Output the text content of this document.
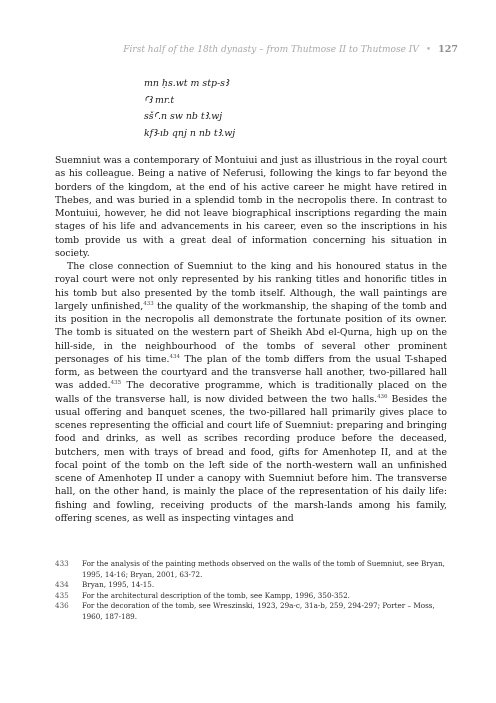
First half of the 18th dynasty – from Thutmose II to Thutmose IV • 127
mn ḥs.wt m stp-sꜢ
ꜤꜢ mr.t
sšꜤ.n sw nb tꜢ.wj
kfꜢ-ıb qnj n nb tꜢ.wj

Suemniut was a contemporary of Montuiui and just as illustrious in the royal court as his colleague. Being a native of Neferusi, following the kings to far beyond the borders of the kingdom, at the end of his active career he might have retired in Thebes, and was buried in a splendid tomb in the necropolis there. In contrast to Montuiui, however, he did not leave biographical inscriptions regarding the main stages of his life and advancements in his career, even so the inscriptions in his tomb provide us with a great deal of information concerning his situation in society.

The close connection of Suemniut to the king and his honoured status in the royal court were not only represented by his ranking titles and honorific titles in his tomb but also presented by the tomb itself. Although, the wall paintings are largely unfinished,$^{433}$ the quality of the workmanship, the shaping of the tomb and its position in the necropolis all demonstrate the fortunate position of its owner. The tomb is situated on the western part of Sheikh Abd el-Qurna, high up on the hill-side, in the neighbourhood of the tombs of several other prominent personages of his time.$^{434}$ The plan of the tomb differs from the usual T-shaped form, as between the courtyard and the transverse hall another, two-pillared hall was added.$^{435}$ The decorative programme, which is traditionally placed on the walls of the transverse hall, is now divided between the two halls.$^{436}$ Besides the usual offering and banquet scenes, the two-pillared hall primarily gives place to scenes representing the official and court life of Suemniut: preparing and bringing food and drinks, as well as scribes recording produce before the deceased, butchers, men with trays of bread and food, gifts for Amenhotep II, and at the focal point of the tomb on the left side of the north-western wall an unfinished scene of Amenhotep II under a canopy with Suemniut before him. The transverse hall, on the other hand, is mainly the place of the representation of his daily life: fishing and fowling, receiving products of the marsh-lands among his family, offering scenes, as well as inspecting vintages and

433	For the analysis of the painting methods observed on the walls of the tomb of Suemniut, see Bryan, 1995, 14-16; Bryan, 2001, 63-72.
434	Bryan, 1995, 14-15.
435	For the architectural description of the tomb, see Kampp, 1996, 350-352.
436	For the decoration of the tomb, see Wreszinski, 1923, 29a-c, 31a-b, 259, 294-297; Porter – Moss, 1960, 187-189.
